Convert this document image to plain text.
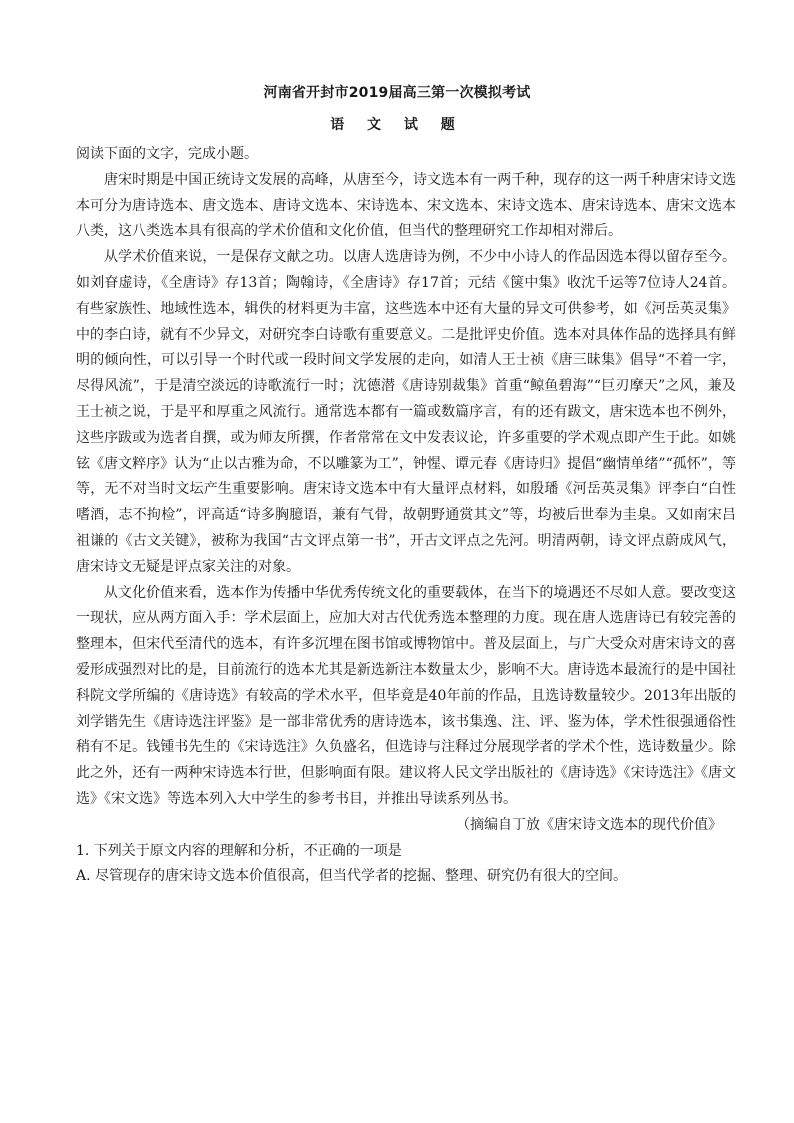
河南省开封市2019届高三第一次模拟考试
语 文 试 题

阅读下面的文字，完成小题。

唐宋时期是中国正统诗文发展的高峰，从唐至今，诗文选本有一两千种，现存的这一两千种唐宋诗文选本可分为唐诗选本、唐文选本、唐诗文选本、宋诗选本、宋文选本、宋诗文选本、唐宋诗选本、唐宋文选本八类，这八类选本具有很高的学术价值和文化价值，但当代的整理研究工作却相对滞后。

从学术价值来说，一是保存文献之功。以唐人选唐诗为例，不少中小诗人的作品因选本得以留存至今。如刘眘虚诗，《全唐诗》存13首；陶翰诗，《全唐诗》存17首；元结《箧中集》收沈千运等7位诗人24首。有些家族性、地域性选本，辑佚的材料更为丰富，这些选本中还有大量的异文可供参考，如《河岳英灵集》中的李白诗，就有不少异文，对研究李白诗歌有重要意义。二是批评史价值。选本对具体作品的选择具有鲜明的倾向性，可以引导一个时代或一段时间文学发展的走向，如清人王士祯《唐三昧集》倡导“不着一字，尽得风流”，于是清空淡远的诗歌流行一时；沈德潜《唐诗别裁集》首重“鲸鱼碧海”“巨刃摩天”之风，兼及王士祯之说，于是平和厚重之风流行。通常选本都有一篇或数篇序言，有的还有跋文，唐宋选本也不例外，这些序跋或为选者自撰，或为师友所撰，作者常常在文中发表议论，许多重要的学术观点即产生于此。如姚铉《唐文粹序》认为“止以古雅为命，不以雕篆为工”，钟惺、谭元春《唐诗归》提倡“幽情单绪”“孤怀”，等等，无不对当时文坛产生重要影响。唐宋诗文选本中有大量评点材料，如殷璠《河岳英灵集》评李白“白性嗜酒，志不拘检”，评高适“诗多胸臆语，兼有气骨，故朝野通赏其文”等，均被后世奉为圭臬。又如南宋吕祖谦的《古文关键》，被称为我国“古文评点第一书”，开古文评点之先河。明清两朝，诗文评点蔚成风气，唐宋诗文无疑是评点家关注的对象。

从文化价值来看，选本作为传播中华优秀传统文化的重要载体，在当下的境遇还不尽如人意。要改变这一现状，应从两方面入手：学术层面上，应加大对古代优秀选本整理的力度。现在唐人选唐诗已有较完善的整理本，但宋代至清代的选本，有许多沉埋在图书馆或博物馆中。普及层面上，与广大受众对唐宋诗文的喜爱形成强烈对比的是，目前流行的选本尤其是新选新注本数量太少，影响不大。唐诗选本最流行的是中国社科院文学所编的《唐诗选》有较高的学术水平，但毕竟是40年前的作品，且选诗数量较少。2013年出版的刘学锴先生《唐诗选注评鉴》是一部非常优秀的唐诗选本，该书集逸、注、评、鉴为体，学术性很强通俗性稍有不足。钱锺书先生的《宋诗选注》久负盛名，但选诗与注释过分展现学者的学术个性，选诗数量少。除此之外，还有一两种宋诗选本行世，但影响面有限。建议将人民文学出版社的《唐诗选》《宋诗选注》《唐文选》《宋文选》等选本列入大中学生的参考书目，并推出导读系列丛书。

（摘编自丁放《唐宋诗文选本的现代价值》

1. 下列关于原文内容的理解和分析，不正确的一项是

A. 尽管现存的唐宋诗文选本价值很高，但当代学者的挖掘、整理、研究仍有很大的空间。
